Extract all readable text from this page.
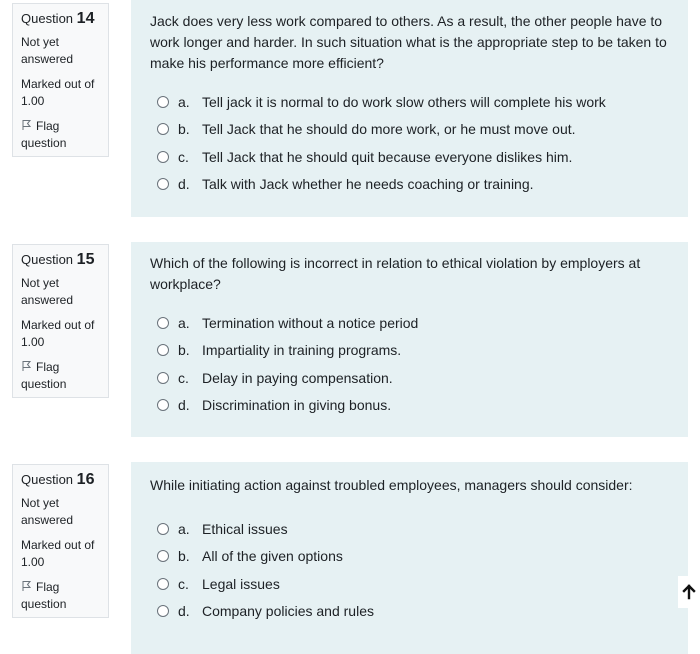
Question 14
Not yet answered
Marked out of 1.00
Flag question
Jack does very less work compared to others. As a result, the other people have to work longer and harder. In such situation what is the appropriate step to be taken to make his performance more efficient?
a. Tell jack it is normal to do work slow others will complete his work
b. Tell Jack that he should do more work, or he must move out.
c. Tell Jack that he should quit because everyone dislikes him.
d. Talk with Jack whether he needs coaching or training.
Question 15
Not yet answered
Marked out of 1.00
Flag question
Which of the following is incorrect in relation to ethical violation by employers at workplace?
a. Termination without a notice period
b. Impartiality in training programs.
c. Delay in paying compensation.
d. Discrimination in giving bonus.
Question 16
Not yet answered
Marked out of 1.00
Flag question
While initiating action against troubled employees, managers should consider:
a. Ethical issues
b. All of the given options
c. Legal issues
d. Company policies and rules
